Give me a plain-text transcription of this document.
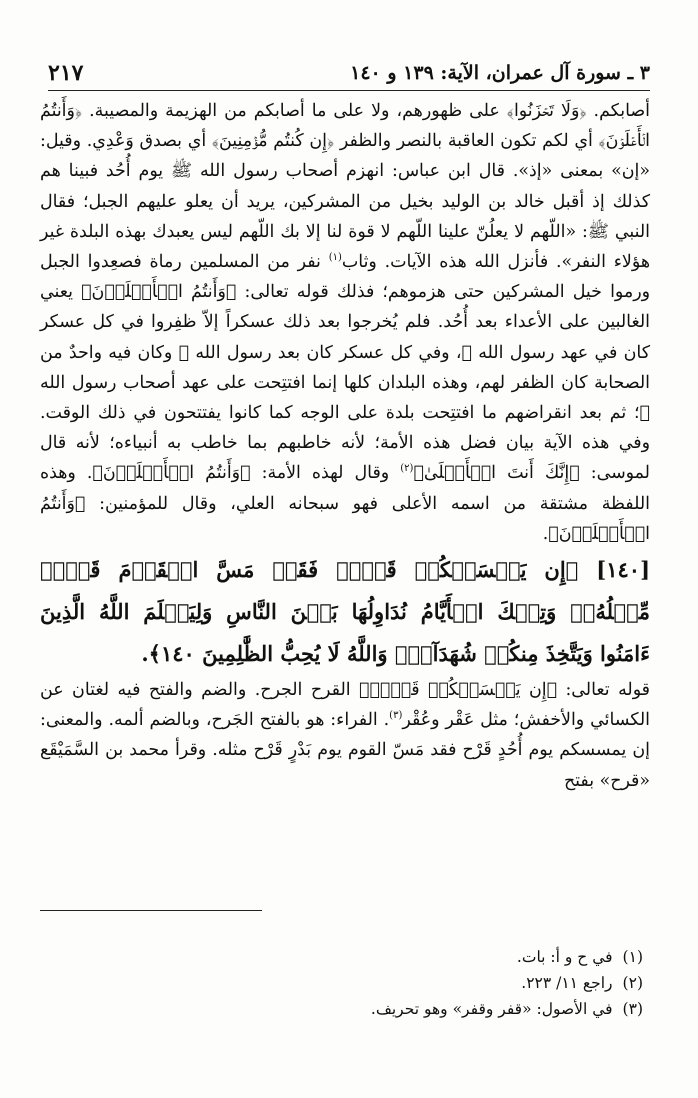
٣ ـ سورة آل عمران، الآية: ١٣٩ و ١٤٠
٢١٧

أصابكم. ﴿وَلَا تَحۡزَنُوا﴾ على ظهورهم، ولا على ما أصابكم من الهزيمة والمصيبة. ﴿وَأَنتُمُ الۡأَعۡلَوۡنَ﴾ أي لكم تكون العاقبة بالنصر والظفر ﴿إِن كُنتُم مُّؤۡمِنِينَ﴾ أي بصدق وَعْدِي. وقيل: «إن» بمعنى «إذ». قال ابن عباس: انهزم أصحاب رسول الله ﷺ يوم أُحُد فبينا هم كذلك إذ أقبل خالد بن الوليد بخيل من المشركين، يريد أن يعلو عليهم الجبل؛ فقال النبي ﷺ: «اللّهم لا يعلُنّ علينا اللّهم لا قوة لنا إلا بك اللّهم ليس يعبدك بهذه البلدة غير هؤلاء النفر». فأنزل الله هذه الآيات. وثاب$^{(١)}$ نفر من المسلمين رماة فصعِدوا الجبل ورموا خيل المشركين حتى هزموهم؛ فذلك قوله تعالى: ﴿وَأَنتُمُ الۡأَعۡلَوۡنَ﴾ يعني الغالبين على الأعداء بعد أُحُد. فلم يُخرجوا بعد ذلك عسكراً إلاّ ظفِروا في كل عسكر كان في عهد رسول الله ﷺ، وفي كل عسكر كان بعد رسول الله ﷺ وكان فيه واحدٌ من الصحابة كان الظفر لهم، وهذه البلدان كلها إنما افتتِحت على عهد أصحاب رسول الله ﷺ؛ ثم بعد انقراضهم ما افتتِحت بلدة على الوجه كما كانوا يفتتحون في ذلك الوقت. وفي هذه الآية بيان فضل هذه الأمة؛ لأنه خاطبهم بما خاطب به أنبياءه؛ لأنه قال لموسى: ﴿إِنَّكَ أَنتَ الۡأَعۡلَىٰ﴾$^{(٢)}$ وقال لهذه الأمة: ﴿وَأَنتُمُ الۡأَعۡلَوۡنَ﴾. وهذه اللفظة مشتقة من اسمه الأعلى فهو سبحانه العلي، وقال للمؤمنين: ﴿وَأَنتُمُ الۡأَعۡلَوۡنَ﴾.

[١٤٠] ﴿إِن يَمۡسَسۡكُمۡ قَرۡحٞ فَقَدۡ مَسَّ الۡقَوۡمَ قَرۡحٞ مِّثۡلُهُۥۚ وَتِلۡكَ الۡأَيَّامُ نُدَاوِلُهَا بَيۡنَ النَّاسِ وَلِيَعۡلَمَ اللَّهُ الَّذِينَ ءَامَنُوا وَيَتَّخِذَ مِنكُمۡ شُهَدَآءَۗ وَاللَّهُ لَا يُحِبُّ الظَّٰلِمِينَ ١٤٠﴾.

قوله تعالى: ﴿إِن يَمۡسَسۡكُمۡ قَرۡحٞ﴾ القرح الجرح. والضم والفتح فيه لغتان عن الكسائي والأخفش؛ مثل عَقْر وعُقْر$^{(٣)}$. الفراء: هو بالفتح الجَرح، وبالضم ألمه. والمعنى: إن يمسسكم يوم أُحُدٍ قَرْح فقد مَسّ القوم يوم بَدْرٍ قَرْح مثله. وقرأ محمد بن السَّمَيْقَع «قرح» بفتح

(١)في ح و أ: بات.
(٢)راجع ١١/ ٢٢٣.
(٣)في الأصول: «قفر وقفر» وهو تحريف.
